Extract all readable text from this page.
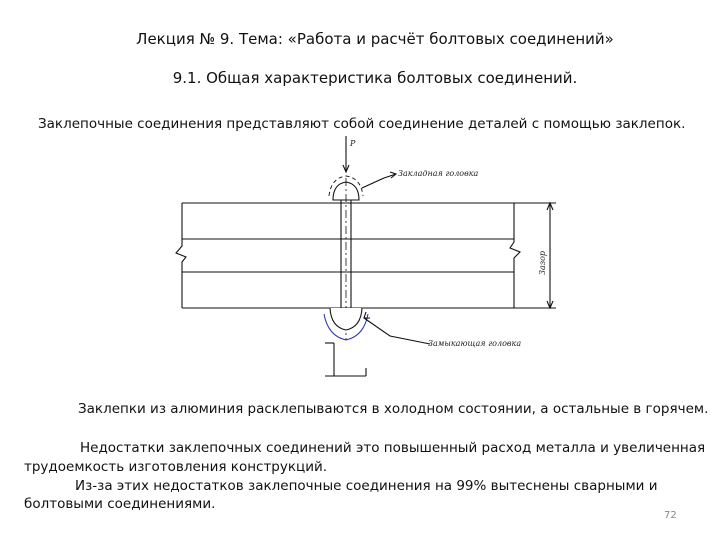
Лекция № 9. Тема: «Работа и расчёт болтовых соединений»
9.1. Общая характеристика болтовых соединений.
Заклепочные соединения представляют собой соединение деталей с помощью заклепок.
P
Закладная головка
Замыкающая головка
Зазор
Заклепки из алюминия расклепываются в холодном состоянии, а остальные в горячем.
Недостатки заклепочных соединений это повышенный расход металла и увеличенная
трудоемкость изготовления конструкций.
Из-за этих недостатков заклепочные соединения на 99% вытеснены сварными и
болтовыми соединениями.
72
